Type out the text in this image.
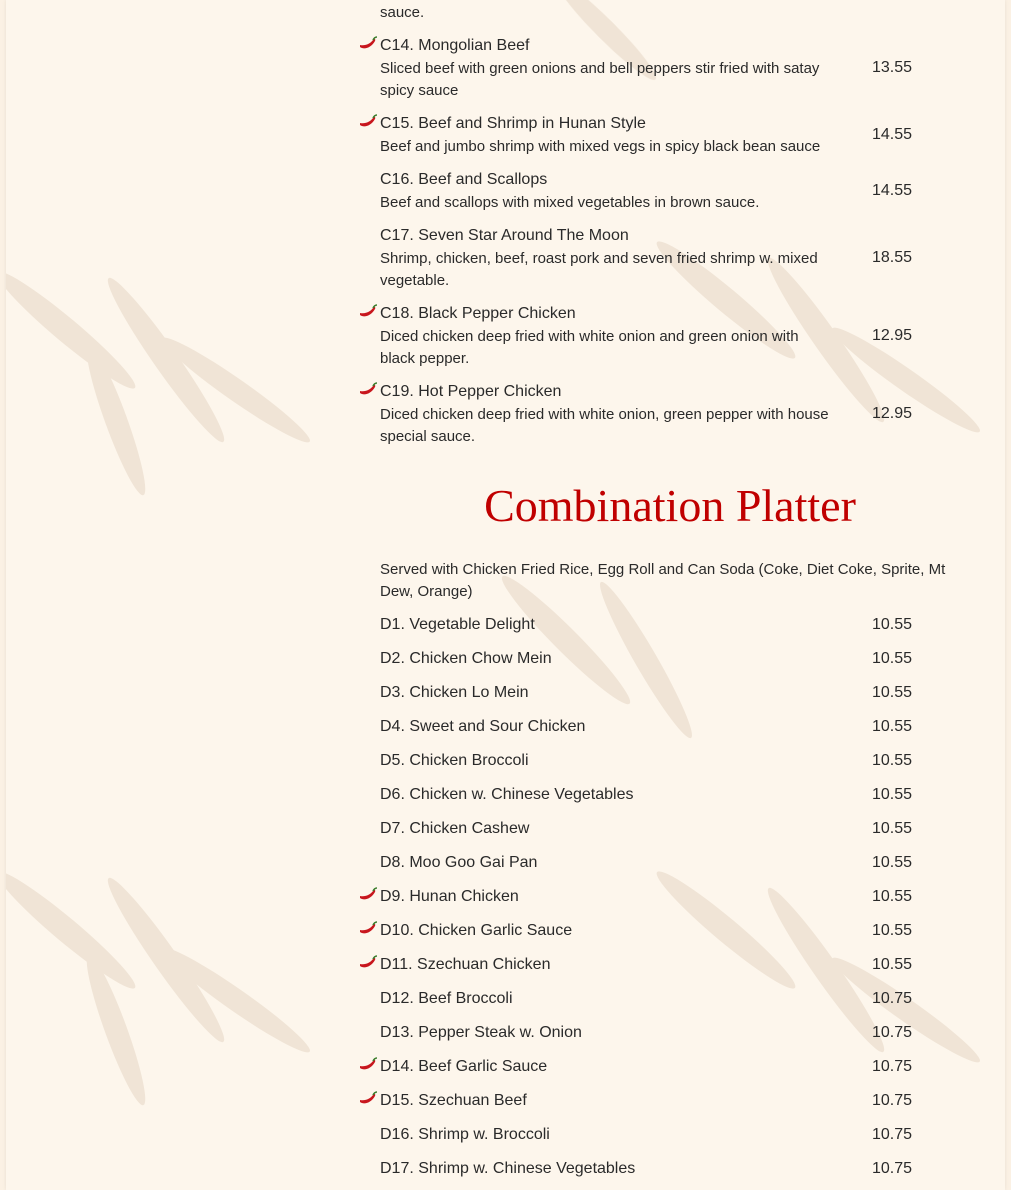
sauce.
C14. Mongolian Beef
Sliced beef with green onions and bell peppers stir fried with satay spicy sauce
13.55
C15. Beef and Shrimp in Hunan Style
Beef and jumbo shrimp with mixed vegs in spicy black bean sauce
14.55
C16. Beef and Scallops
Beef and scallops with mixed vegetables in brown sauce.
14.55
C17. Seven Star Around The Moon
Shrimp, chicken, beef, roast pork and seven fried shrimp w. mixed vegetable.
18.55
C18. Black Pepper Chicken
Diced chicken deep fried with white onion and green onion with black pepper.
12.95
C19. Hot Pepper Chicken
Diced chicken deep fried with white onion, green pepper with house special sauce.
12.95
Combination Platter
Served with Chicken Fried Rice, Egg Roll and Can Soda (Coke, Diet Coke, Sprite, Mt Dew, Orange)
D1. Vegetable Delight	10.55
D2. Chicken Chow Mein	10.55
D3. Chicken Lo Mein	10.55
D4. Sweet and Sour Chicken	10.55
D5. Chicken Broccoli	10.55
D6. Chicken w. Chinese Vegetables	10.55
D7. Chicken Cashew	10.55
D8. Moo Goo Gai Pan	10.55
D9. Hunan Chicken	10.55
D10. Chicken Garlic Sauce	10.55
D11. Szechuan Chicken	10.55
D12. Beef Broccoli	10.75
D13. Pepper Steak w. Onion	10.75
D14. Beef Garlic Sauce	10.75
D15. Szechuan Beef	10.75
D16. Shrimp w. Broccoli	10.75
D17. Shrimp w. Chinese Vegetables	10.75
